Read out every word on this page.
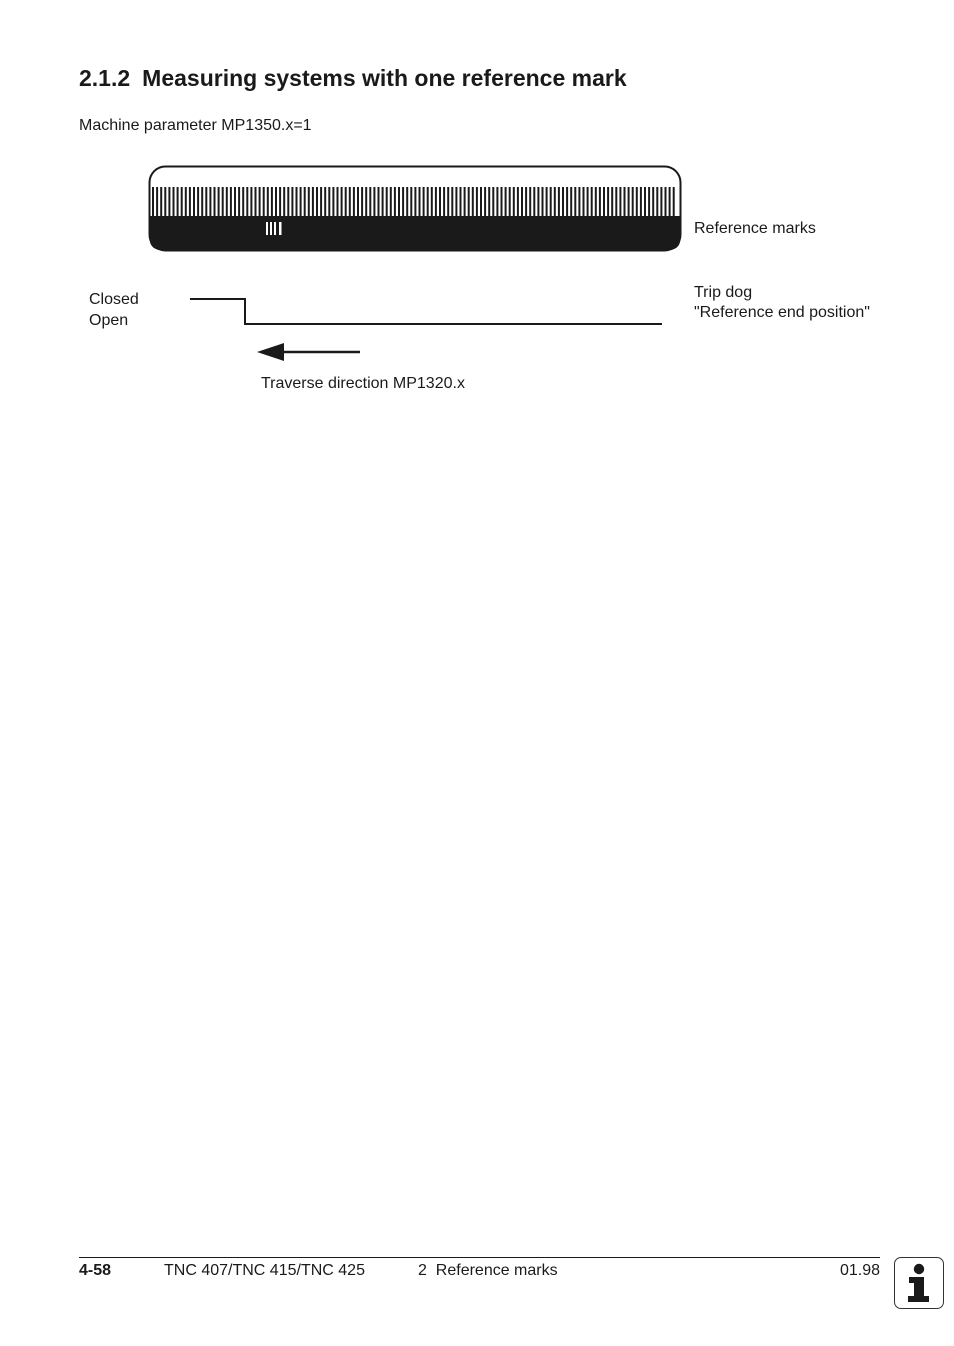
2.1.2 Measuring systems with one reference mark
Machine parameter MP1350.x=1
Reference marks
Closed
Open
Trip dog
"Reference end position"
Traverse direction MP1320.x
4-58	TNC 407/TNC 415/TNC 425	2  Reference marks	01.98
